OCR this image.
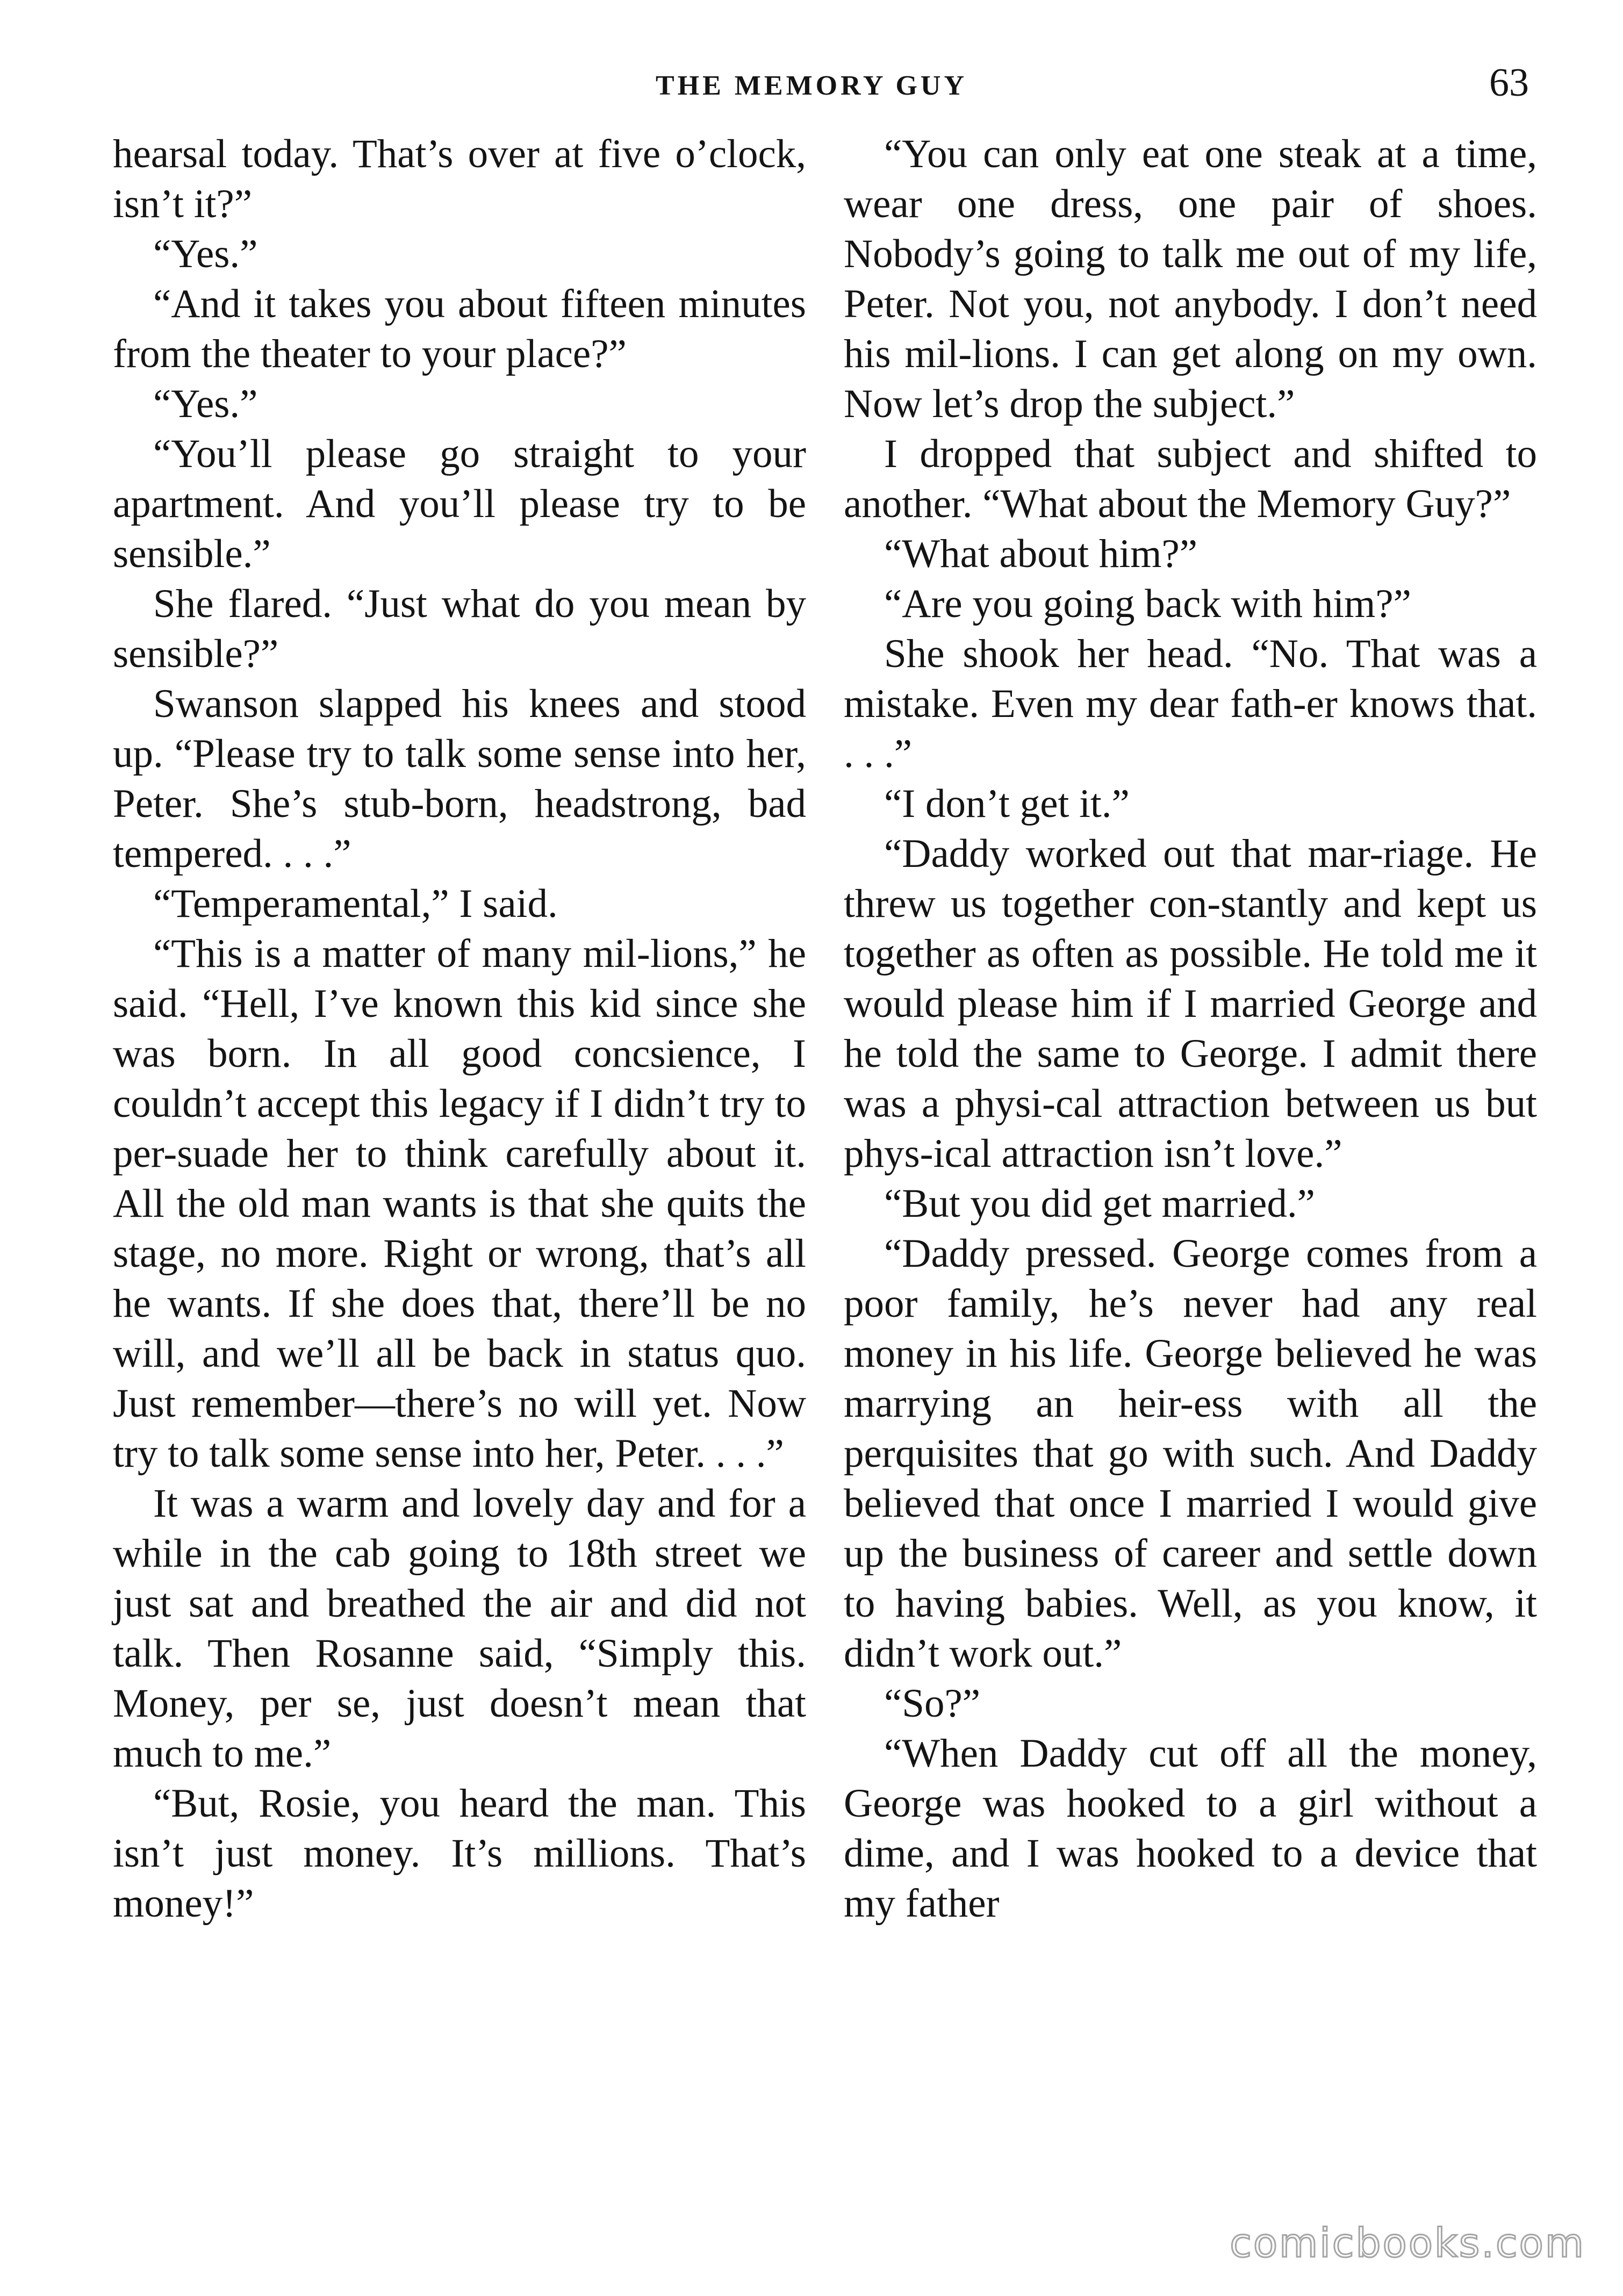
THE MEMORY GUY	63

hearsal today. That’s over at five o’clock, isn’t it?”

“Yes.”

“And it takes you about fifteen minutes from the theater to your place?”

“Yes.”

“You’ll please go straight to your apartment. And you’ll please try to be sensible.”

She flared. “Just what do you mean by sensible?”

Swanson slapped his knees and stood up. “Please try to talk some sense into her, Peter. She’s stub-born, headstrong, bad tempered. . . .”

“Temperamental,” I said.

“This is a matter of many mil-lions,” he said. “Hell, I’ve known this kid since she was born. In all good concsience, I couldn’t accept this legacy if I didn’t try to per-suade her to think carefully about it. All the old man wants is that she quits the stage, no more. Right or wrong, that’s all he wants. If she does that, there’ll be no will, and we’ll all be back in status quo. Just remember—there’s no will yet. Now try to talk some sense into her, Peter. . . .”

It was a warm and lovely day and for a while in the cab going to 18th street we just sat and breathed the air and did not talk. Then Rosanne said, “Simply this. Money, per se, just doesn’t mean that much to me.”

“But, Rosie, you heard the man. This isn’t just money. It’s millions. That’s money!”

“You can only eat one steak at a time, wear one dress, one pair of shoes. Nobody’s going to talk me out of my life, Peter. Not you, not anybody. I don’t need his mil-lions. I can get along on my own. Now let’s drop the subject.”

I dropped that subject and shifted to another. “What about the Memory Guy?”

“What about him?”

“Are you going back with him?”

She shook her head. “No. That was a mistake. Even my dear fath-er knows that. . . .”

“I don’t get it.”

“Daddy worked out that mar-riage. He threw us together con-stantly and kept us together as often as possible. He told me it would please him if I married George and he told the same to George. I admit there was a physi-cal attraction between us but phys-ical attraction isn’t love.”

“But you did get married.”

“Daddy pressed. George comes from a poor family, he’s never had any real money in his life. George believed he was marrying an heir-ess with all the perquisites that go with such. And Daddy believed that once I married I would give up the business of career and settle down to having babies. Well, as you know, it didn’t work out.”

“So?”

“When Daddy cut off all the money, George was hooked to a girl without a dime, and I was hooked to a device that my father

comicbooks.com
